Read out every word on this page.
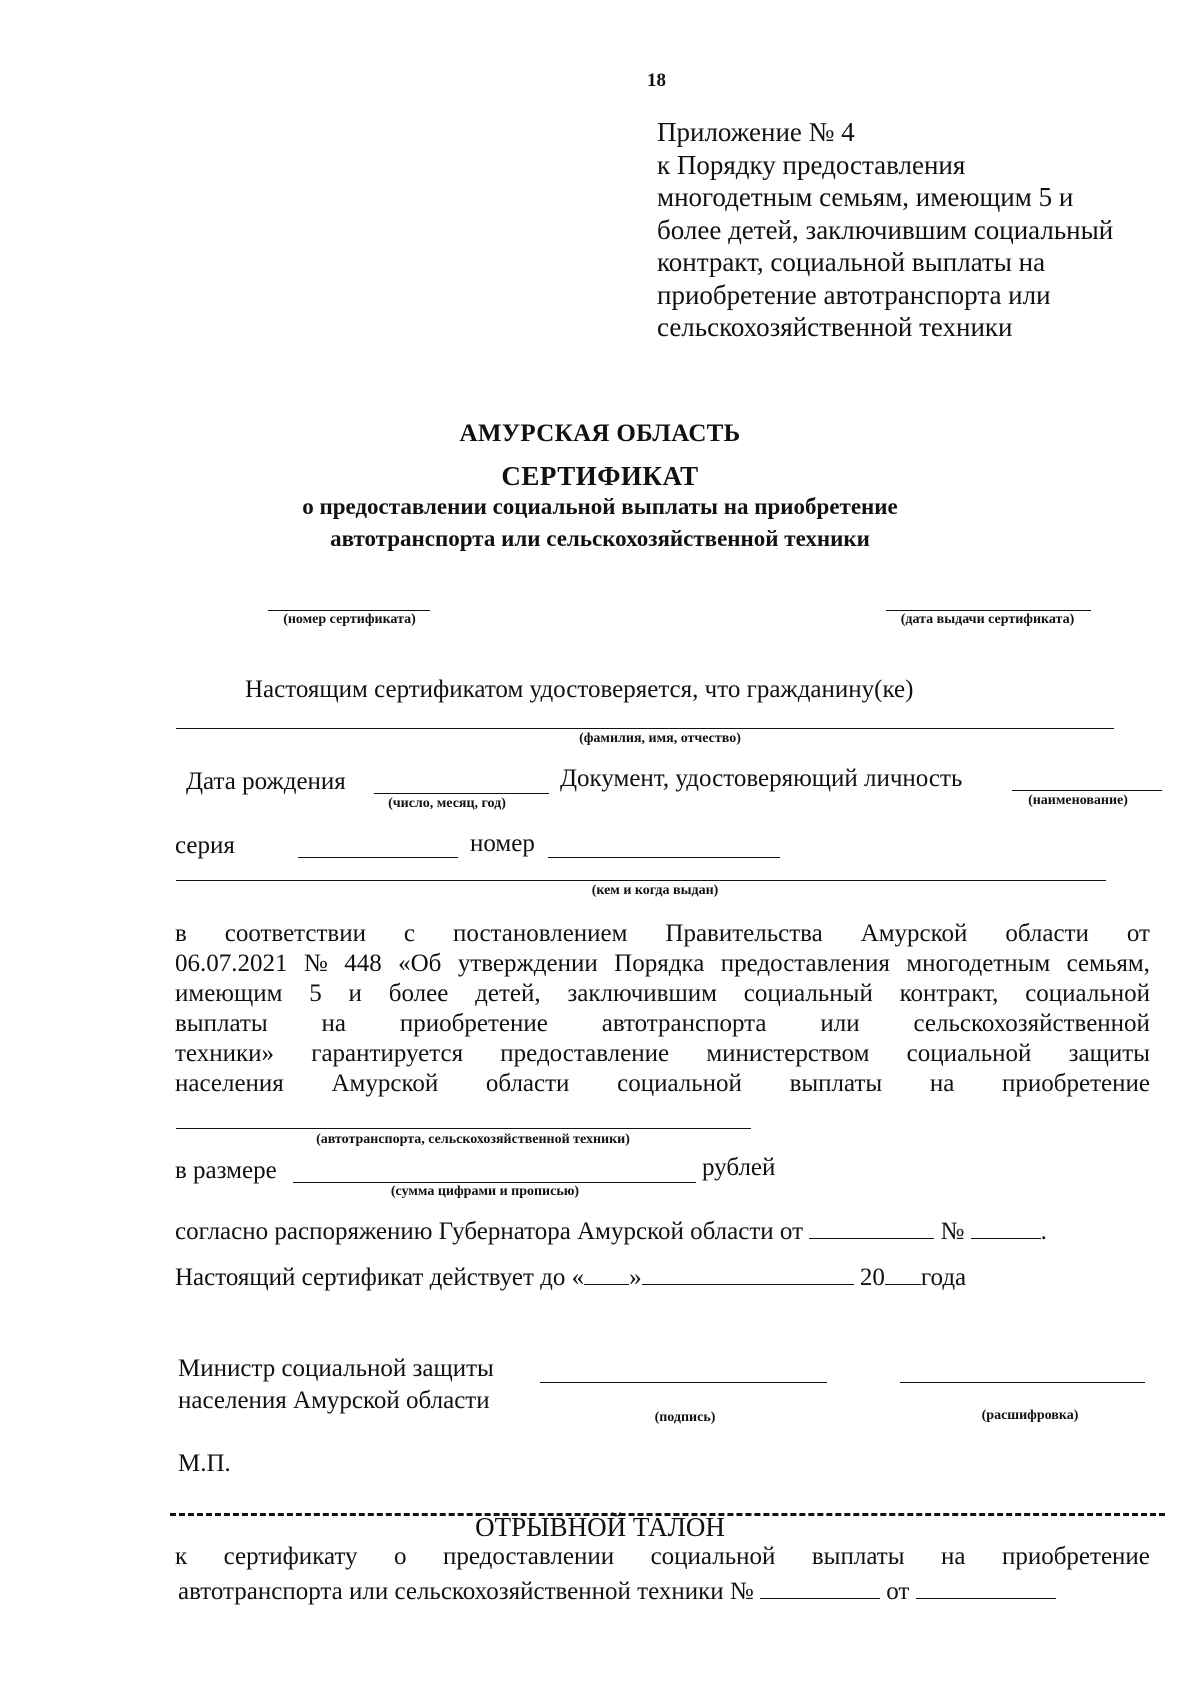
18
Приложение № 4
к Порядку предоставления
многодетным семьям, имеющим 5 и
более детей, заключившим социальный
контракт, социальной выплаты на
приобретение автотранспорта или
сельскохозяйственной техники
АМУРСКАЯ ОБЛАСТЬ
СЕРТИФИКАТ
о предоставлении социальной выплаты на приобретение
автотранспорта или сельскохозяйственной техники
(номер сертификата)	(дата выдачи сертификата)
Настоящим сертификатом удостоверяется, что гражданину(ке)
(фамилия, имя, отчество)
Дата рождения
(число, месяц, год)
Документ, удостоверяющий личность
(наименование)
серия	номер
(кем и когда выдан)
в соответствии с постановлением Правительства Амурской области от
06.07.2021 № 448 «Об утверждении Порядка предоставления многодетным семьям,
имеющим 5 и более детей, заключившим социальный контракт, социальной
выплаты на приобретение автотранспорта или сельскохозяйственной
техники» гарантируется предоставление министерством социальной защиты
населения Амурской области социальной выплаты на приобретение
(автотранспорта, сельскохозяйственной техники)
в размере
(сумма цифрами и прописью)
рублей
согласно распоряжению Губернатора Амурской области от	№	.
Настоящий сертификат действует до « »	20 года
Министр социальной защиты
населения Амурской области
(подпись)	(расшифровка)
М.П.
ОТРЫВНОЙ ТАЛОН
к сертификату о предоставлении социальной выплаты на приобретение
автотранспорта или сельскохозяйственной техники №	от
